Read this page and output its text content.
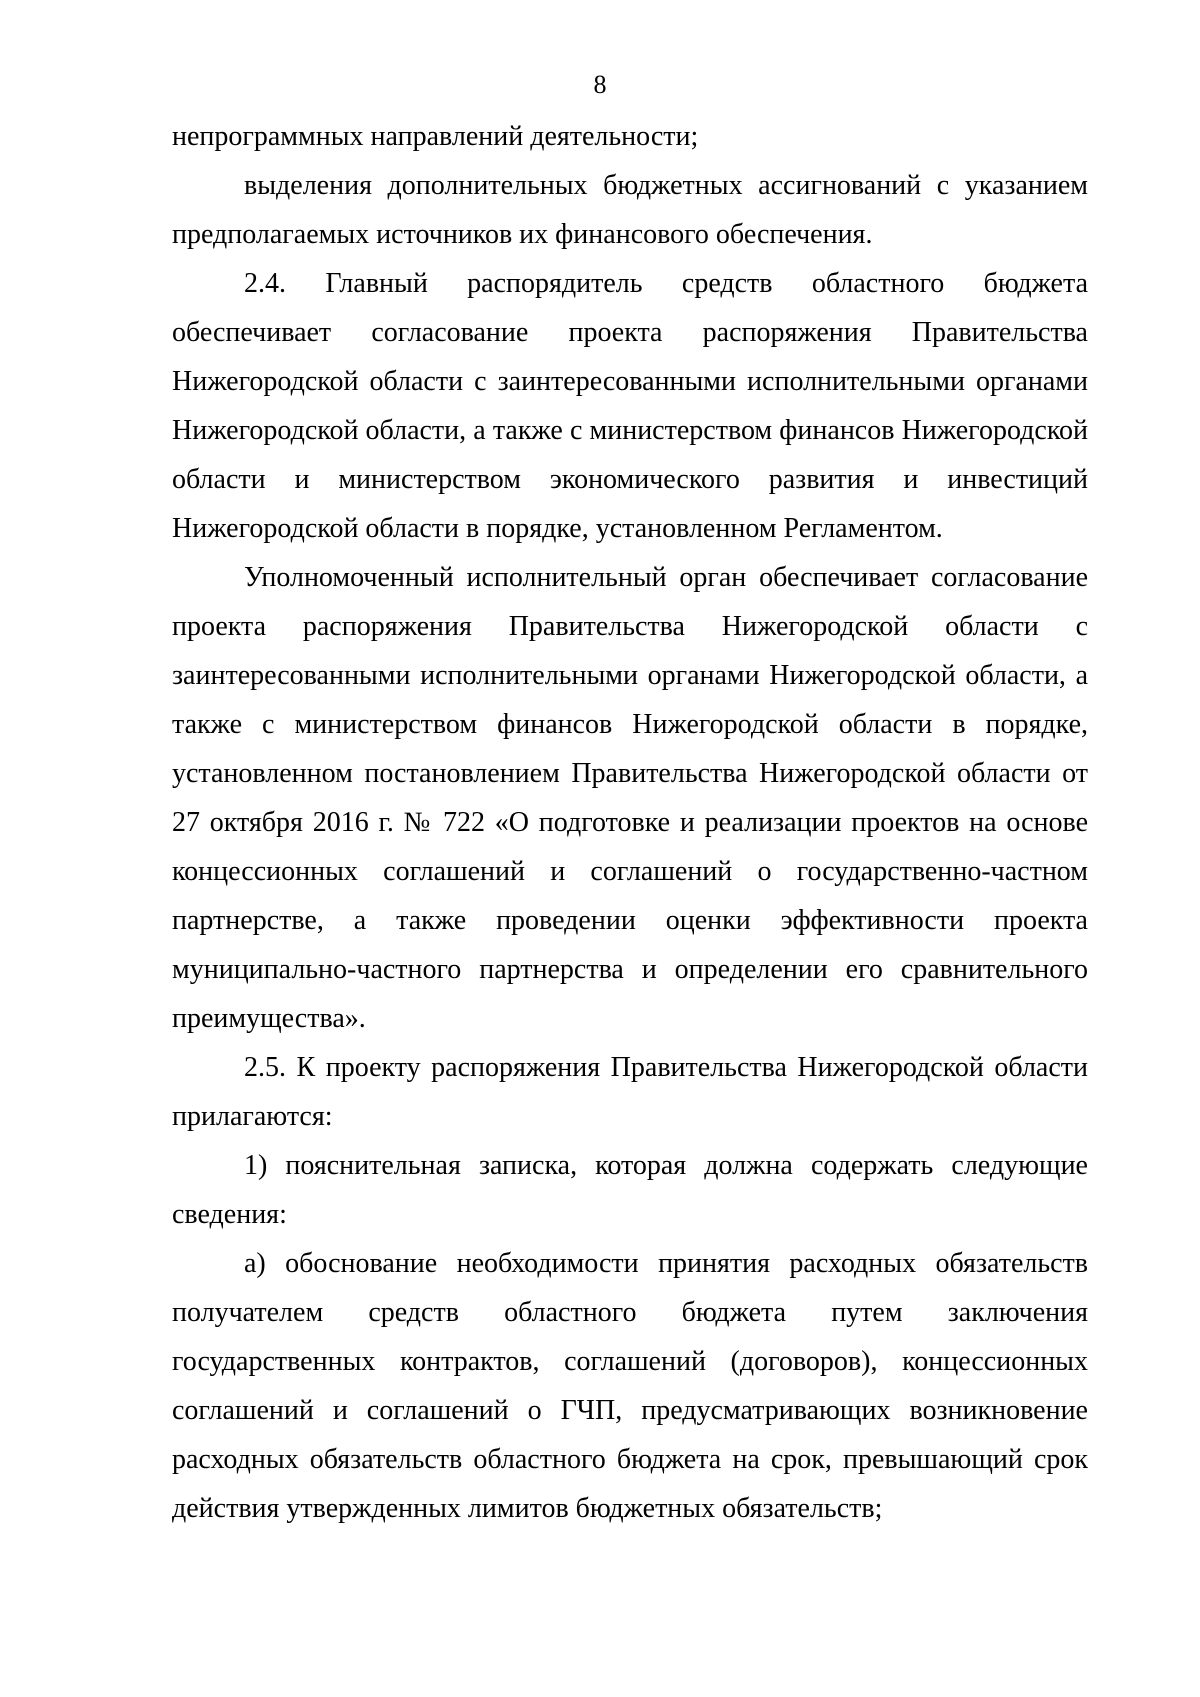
8

непрограммных направлений деятельности;

выделения дополнительных бюджетных ассигнований с указанием предполагаемых источников их финансового обеспечения.

2.4. Главный распорядитель средств областного бюджета обеспечивает согласование проекта распоряжения Правительства Нижегородской области с заинтересованными исполнительными органами Нижегородской области, а также с министерством финансов Нижегородской области и министерством экономического развития и инвестиций Нижегородской области в порядке, установленном Регламентом.

Уполномоченный исполнительный орган обеспечивает согласование проекта распоряжения Правительства Нижегородской области с заинтересованными исполнительными органами Нижегородской области, а также с министерством финансов Нижегородской области в порядке, установленном постановлением Правительства Нижегородской области от 27 октября 2016 г. № 722 «О подготовке и реализации проектов на основе концессионных соглашений и соглашений о государственно-частном партнерстве, а также проведении оценки эффективности проекта муниципально-частного партнерства и определении его сравнительного преимущества».

2.5. К проекту распоряжения Правительства Нижегородской области прилагаются:

1) пояснительная записка, которая должна содержать следующие сведения:

а) обоснование необходимости принятия расходных обязательств получателем средств областного бюджета путем заключения государственных контрактов, соглашений (договоров), концессионных соглашений и соглашений о ГЧП, предусматривающих возникновение расходных обязательств областного бюджета на срок, превышающий срок действия утвержденных лимитов бюджетных обязательств;
